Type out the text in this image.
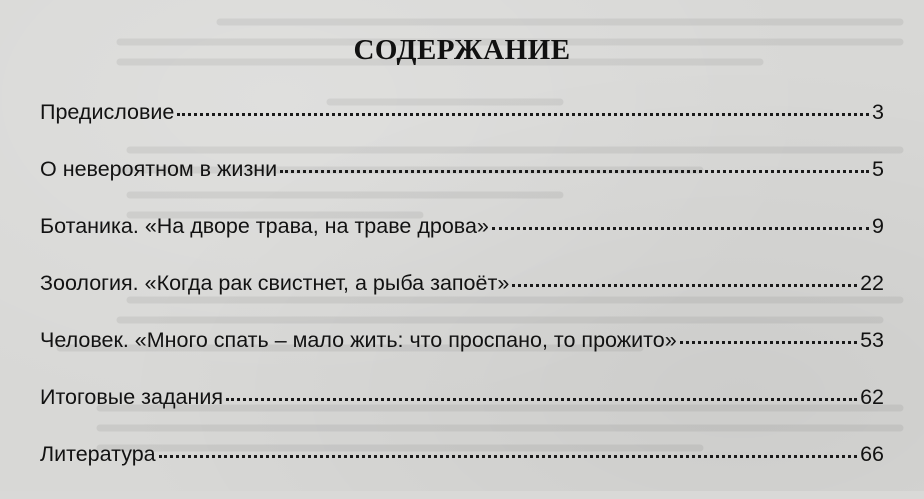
СОДЕРЖАНИЕ
Предисловие	3
О невероятном в жизни	5
Ботаника. «На дворе трава, на траве дрова»	9
Зоология. «Когда рак свистнет, а рыба запоёт»	22
Человек. «Много спать – мало жить: что проспано, то прожито»	53
Итоговые задания	62
Литература	66
